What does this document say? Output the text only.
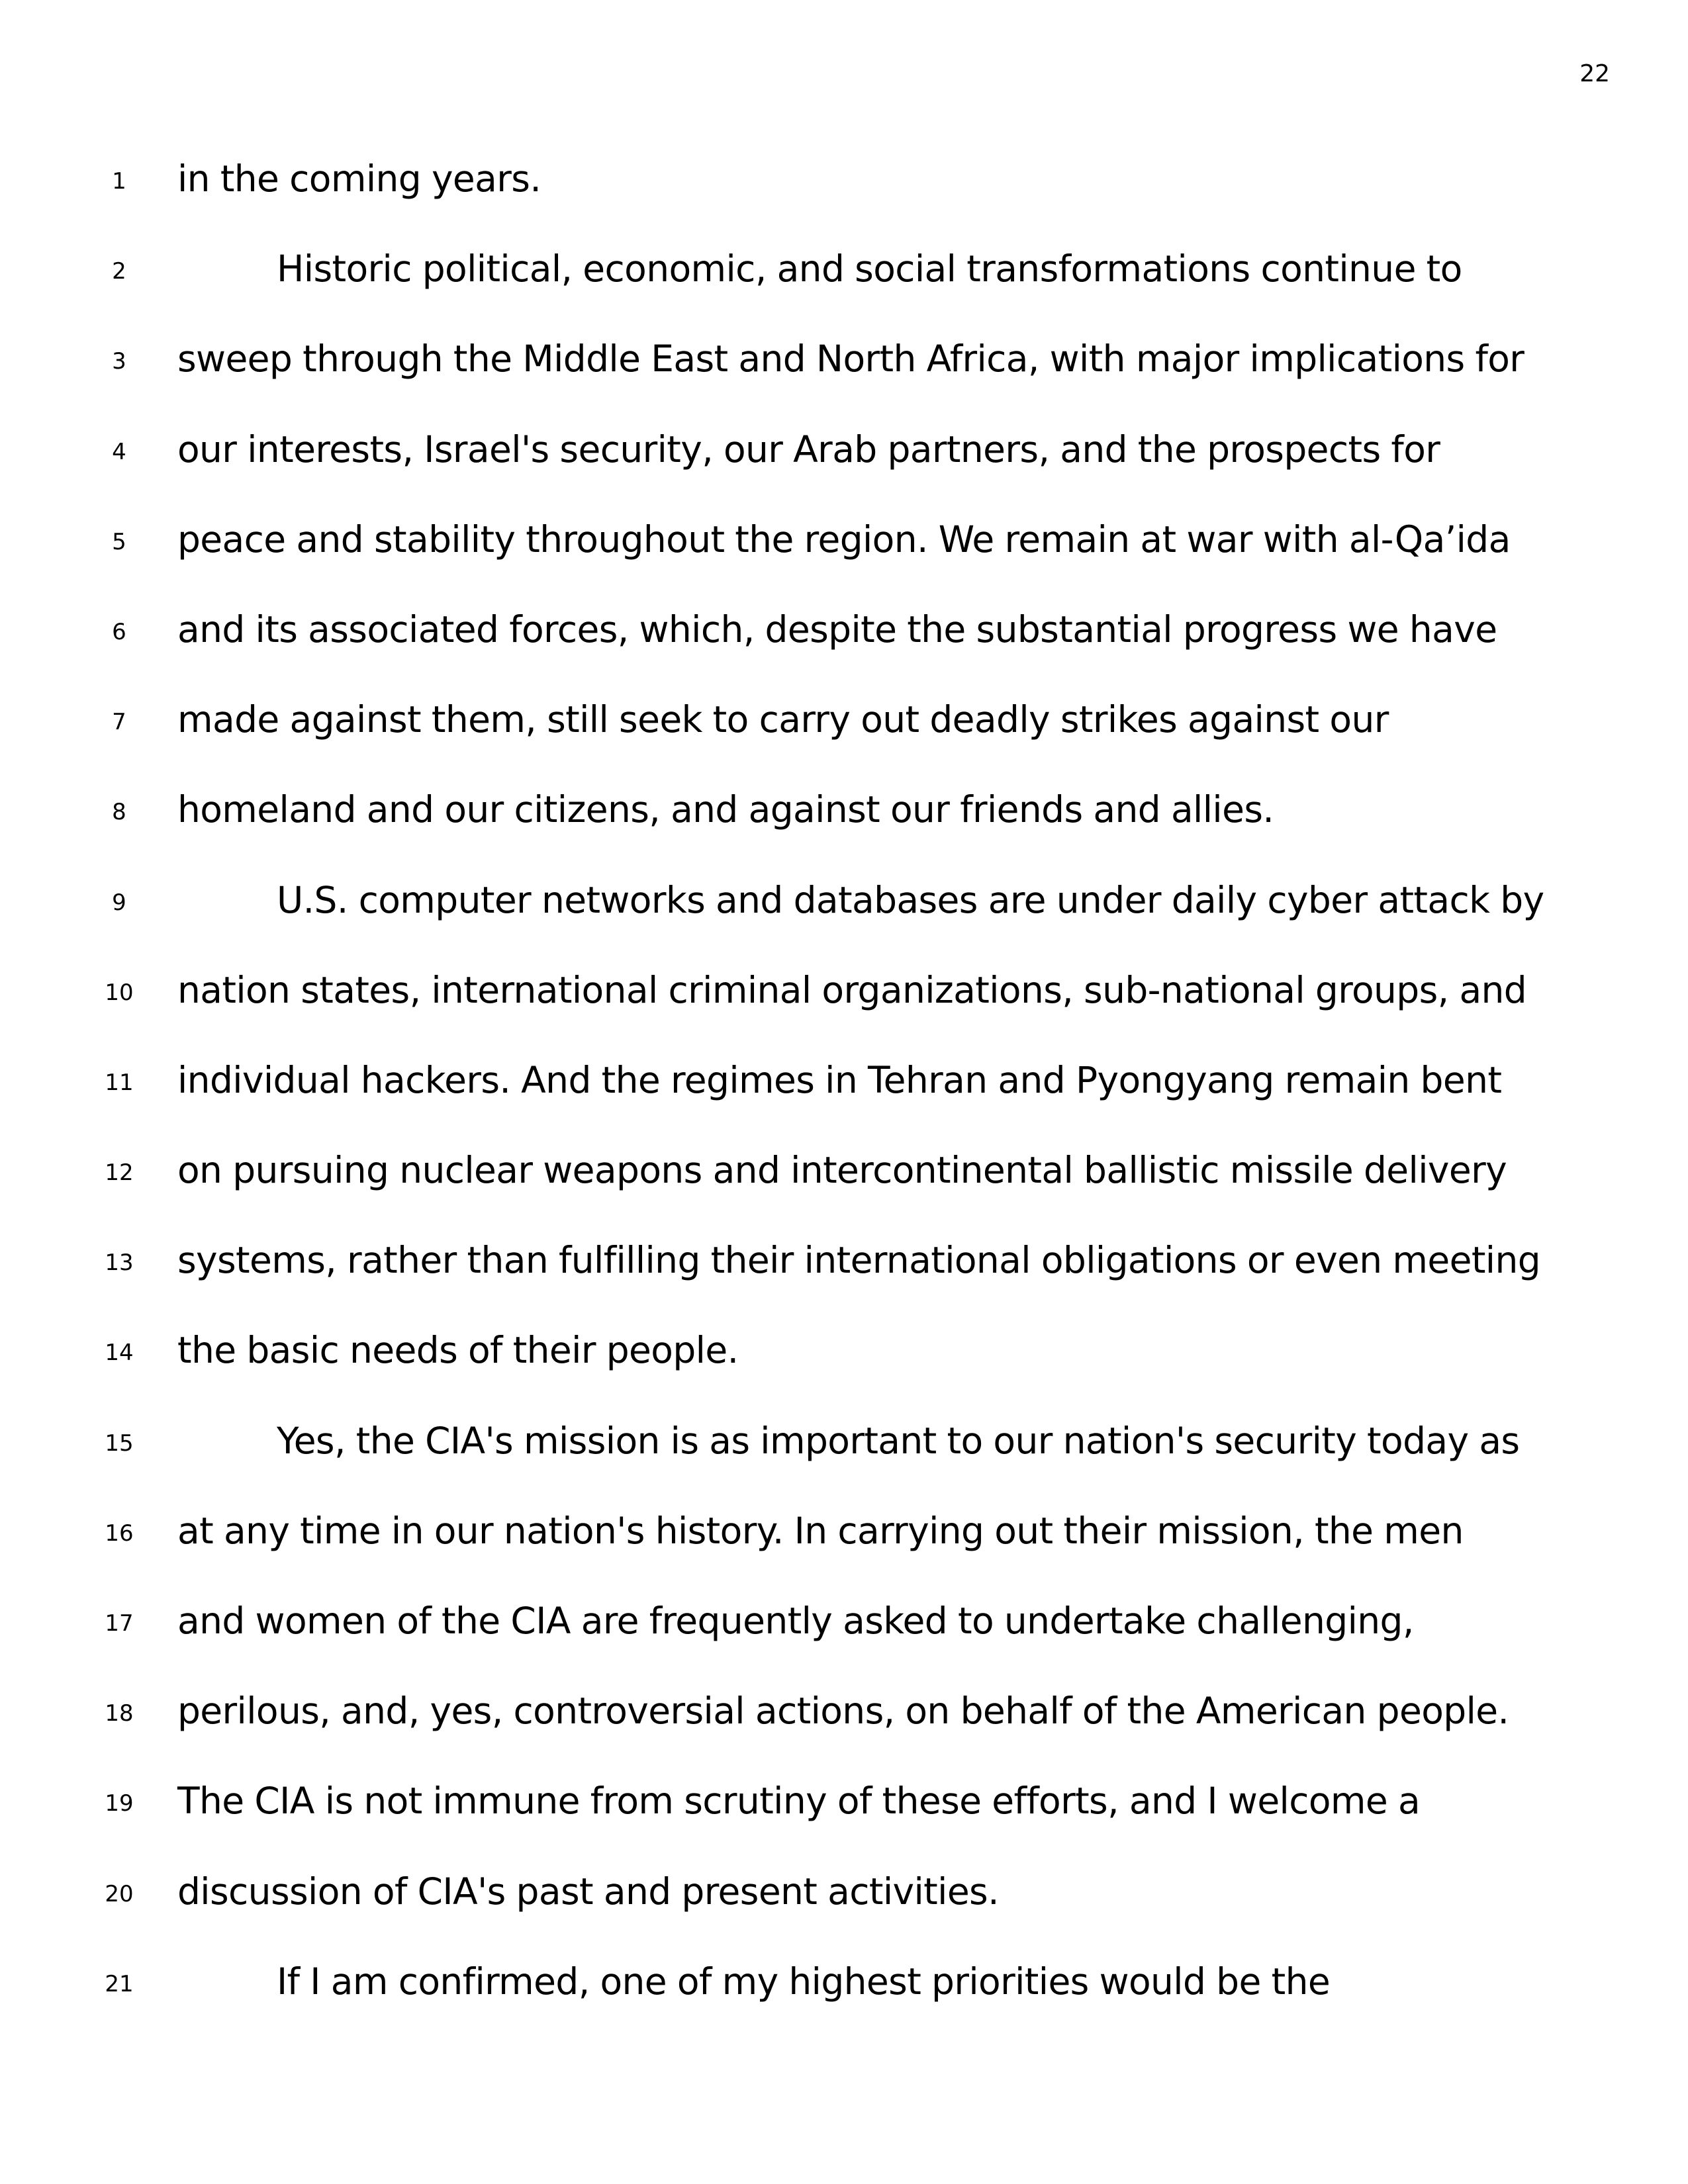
22
1	in the coming years.
2	Historic political, economic, and social transformations continue to
3	sweep through the Middle East and North Africa, with major implications for
4	our interests, Israel's security, our Arab partners, and the prospects for
5	peace and stability throughout the region. We remain at war with al-Qa’ida
6	and its associated forces, which, despite the substantial progress we have
7	made against them, still seek to carry out deadly strikes against our
8	homeland and our citizens, and against our friends and allies.
9	U.S. computer networks and databases are under daily cyber attack by
10 nation states, international criminal organizations, sub-national groups, and
11 individual hackers. And the regimes in Tehran and Pyongyang remain bent
12 on pursuing nuclear weapons and intercontinental ballistic missile delivery
13 systems, rather than fulfilling their international obligations or even meeting
14 the basic needs of their people.
15	Yes, the CIA's mission is as important to our nation's security today as
16 at any time in our nation's history. In carrying out their mission, the men
17 and women of the CIA are frequently asked to undertake challenging,
18 perilous, and, yes, controversial actions, on behalf of the American people.
19 The CIA is not immune from scrutiny of these efforts, and I welcome a
20 discussion of CIA's past and present activities.
21	If I am confirmed, one of my highest priorities would be the
